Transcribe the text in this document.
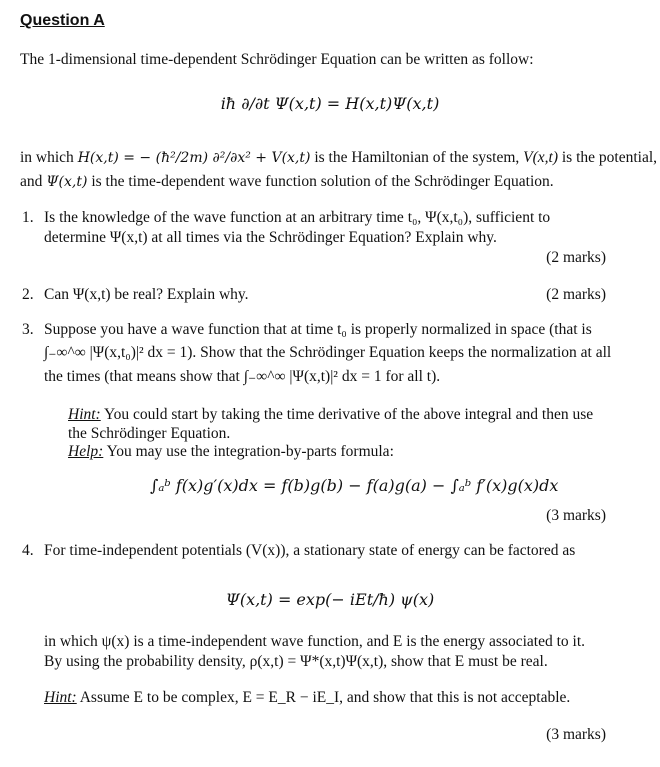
Question A
The 1-dimensional time-dependent Schrödinger Equation can be written as follow:
iħ ∂/∂t Ψ(x,t) = H(x,t)Ψ(x,t)
in which H(x,t) = − (ħ²/2m) ∂²/∂x² + V(x,t) is the Hamiltonian of the system, V(x,t) is the potential,
and Ψ(x,t) is the time-dependent wave function solution of the Schrödinger Equation.
1. Is the knowledge of the wave function at an arbitrary time t₀, Ψ(x,t₀), sufficient to
determine Ψ(x,t) at all times via the Schrödinger Equation? Explain why.
(2 marks)
2. Can Ψ(x,t) be real? Explain why.	(2 marks)
3. Suppose you have a wave function that at time t₀ is properly normalized in space (that is
∫₋∞^∞ |Ψ(x,t₀)|² dx = 1). Show that the Schrödinger Equation keeps the normalization at all
the times (that means show that ∫₋∞^∞ |Ψ(x,t)|² dx = 1 for all t).
Hint: You could start by taking the time derivative of the above integral and then use
the Schrödinger Equation.
Help: You may use the integration-by-parts formula:
∫ₐᵇ f(x)g′(x)dx = f(b)g(b) − f(a)g(a) − ∫ₐᵇ f′(x)g(x)dx
(3 marks)
4. For time-independent potentials (V(x)), a stationary state of energy can be factored as
Ψ(x,t) = exp(− iEt/ħ) ψ(x)
in which ψ(x) is a time-independent wave function, and E is the energy associated to it.
By using the probability density, ρ(x,t) = Ψ*(x,t)Ψ(x,t), show that E must be real.
Hint: Assume E to be complex, E = E_R − iE_I, and show that this is not acceptable.
(3 marks)
